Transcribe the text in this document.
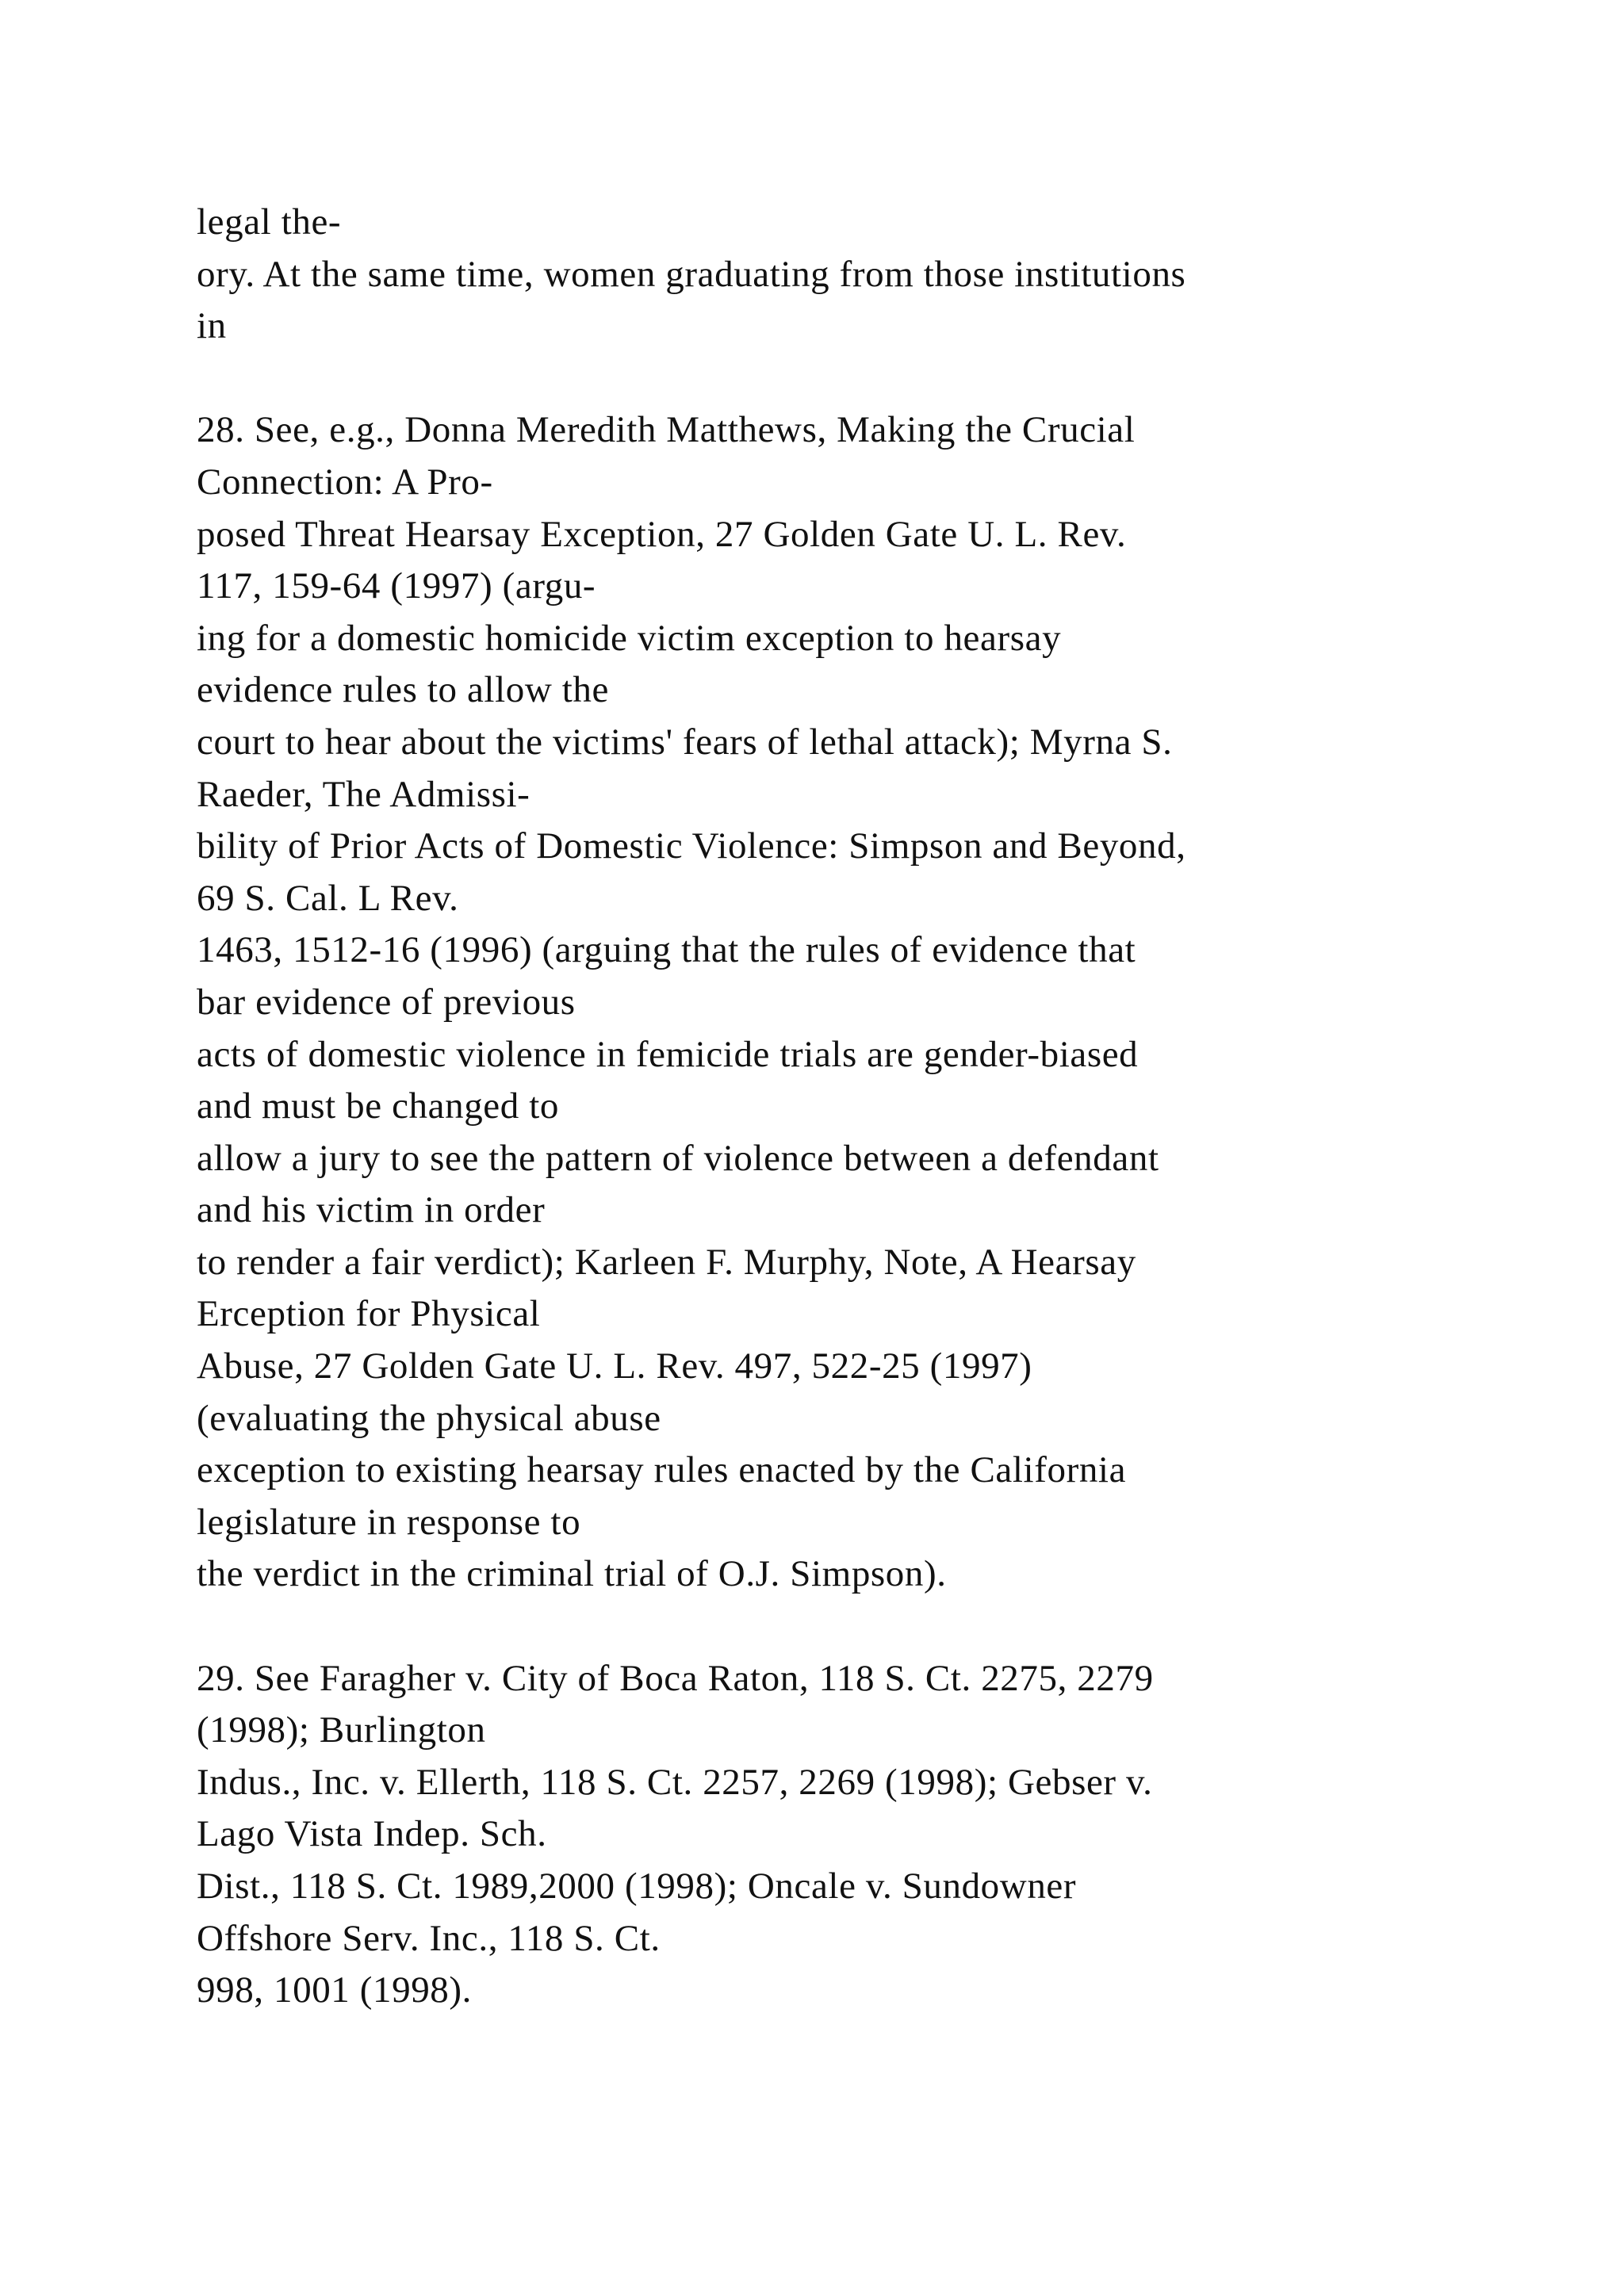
legal the-
ory. At the same time, women graduating from those institutions
in
28. See, e.g., Donna Meredith Matthews, Making the Crucial
Connection: A Pro-
posed Threat Hearsay Exception, 27 Golden Gate U. L. Rev.
117, 159-64 (1997) (argu-
ing for a domestic homicide victim exception to hearsay
evidence rules to allow the
court to hear about the victims' fears of lethal attack); Myrna S.
Raeder, The Admissi-
bility of Prior Acts of Domestic Violence: Simpson and Beyond,
69 S. Cal. L Rev.
1463, 1512-16 (1996) (arguing that the rules of evidence that
bar evidence of previous
acts of domestic violence in femicide trials are gender-biased
and must be changed to
allow a jury to see the pattern of violence between a defendant
and his victim in order
to render a fair verdict); Karleen F. Murphy, Note, A Hearsay
Erception for Physical
Abuse, 27 Golden Gate U. L. Rev. 497, 522-25 (1997)
(evaluating the physical abuse
exception to existing hearsay rules enacted by the California
legislature in response to
the verdict in the criminal trial of O.J. Simpson).
29. See Faragher v. City of Boca Raton, 118 S. Ct. 2275, 2279
(1998); Burlington
Indus., Inc. v. Ellerth, 118 S. Ct. 2257, 2269 (1998); Gebser v.
Lago Vista Indep. Sch.
Dist., 118 S. Ct. 1989,2000 (1998); Oncale v. Sundowner
Offshore Serv. Inc., 118 S. Ct.
998, 1001 (1998).
